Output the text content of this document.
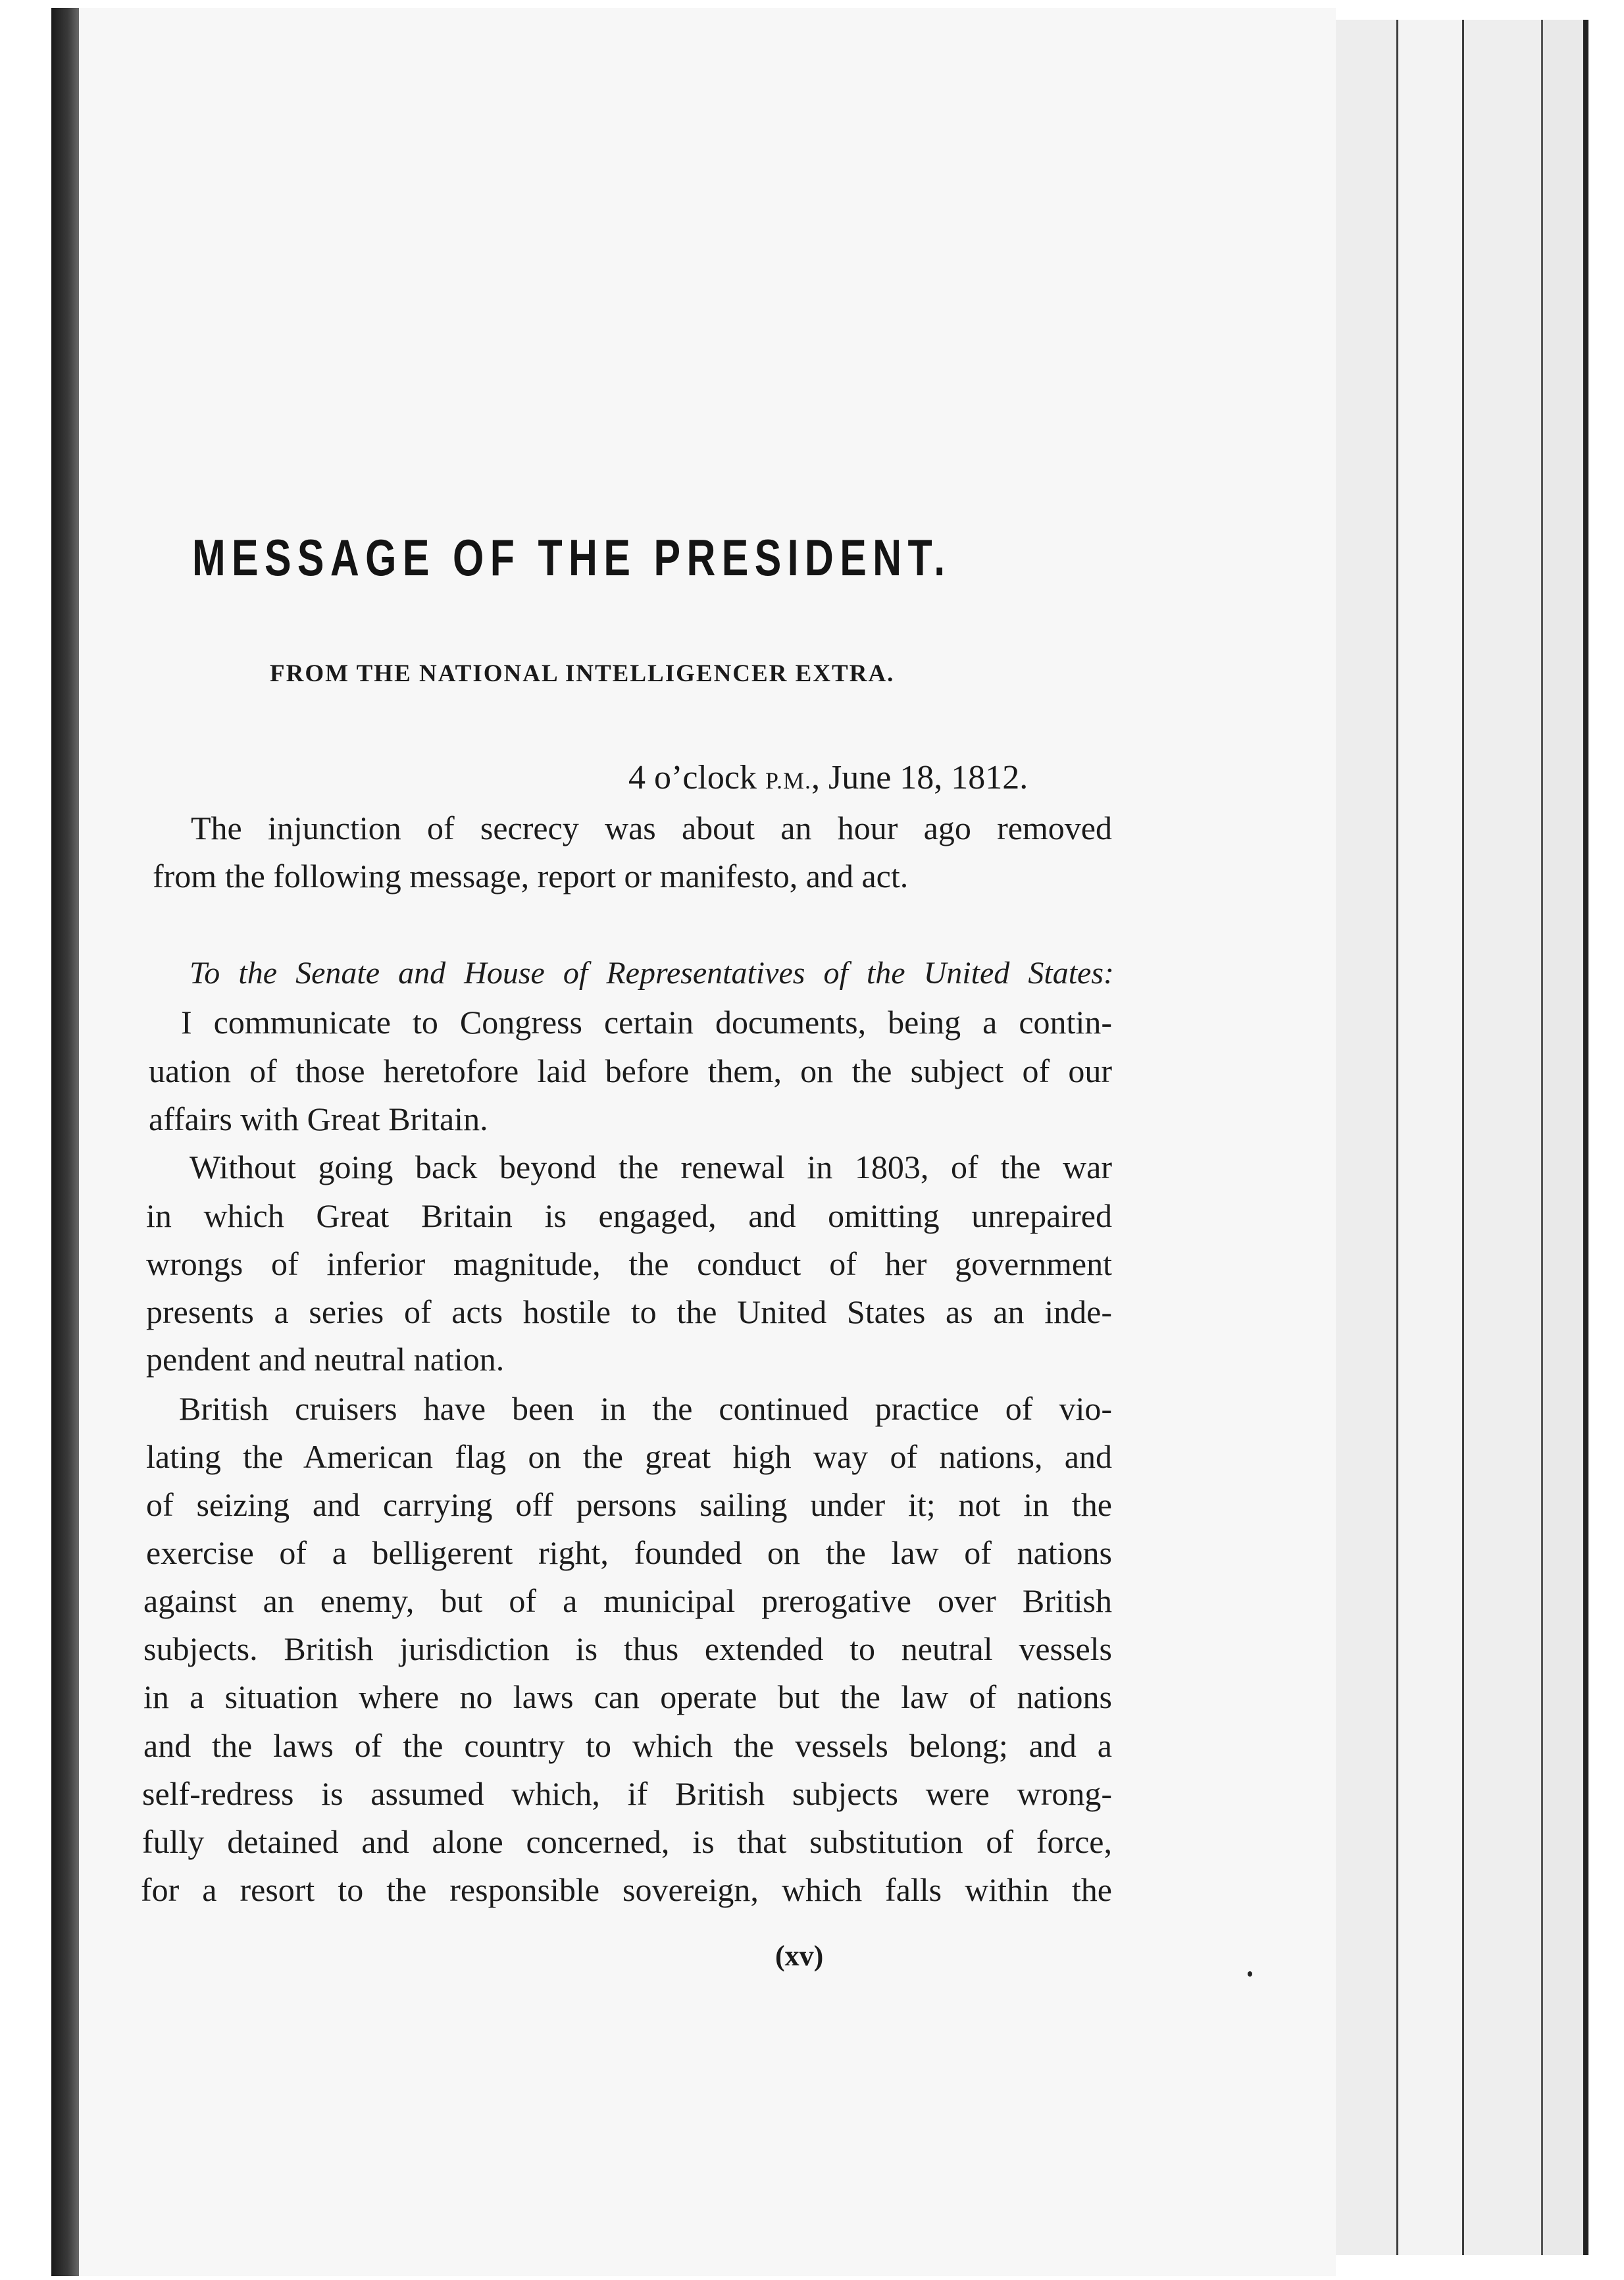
MESSAGE OF THE PRESIDENT.
FROM THE NATIONAL INTELLIGENCER EXTRA.
4 o’clock P.M., June 18, 1812.
The injunction of secrecy was about an hour ago removed
from the following message, report or manifesto, and act.
To the Senate and House of Representatives of the United States:
I communicate to Congress certain documents, being a contin-
uation of those heretofore laid before them, on the subject of our
affairs with Great Britain.
Without going back beyond the renewal in 1803, of the war
in which Great Britain is engaged, and omitting unrepaired
wrongs of inferior magnitude, the conduct of her government
presents a series of acts hostile to the United States as an inde-
pendent and neutral nation.
British cruisers have been in the continued practice of vio-
lating the American flag on the great high way of nations, and
of seizing and carrying off persons sailing under it; not in the
exercise of a belligerent right, founded on the law of nations
against an enemy, but of a municipal prerogative over British
subjects. British jurisdiction is thus extended to neutral vessels
in a situation where no laws can operate but the law of nations
and the laws of the country to which the vessels belong; and a
self-redress is assumed which, if British subjects were wrong-
fully detained and alone concerned, is that substitution of force,
for a resort to the responsible sovereign, which falls within the
(xv)
